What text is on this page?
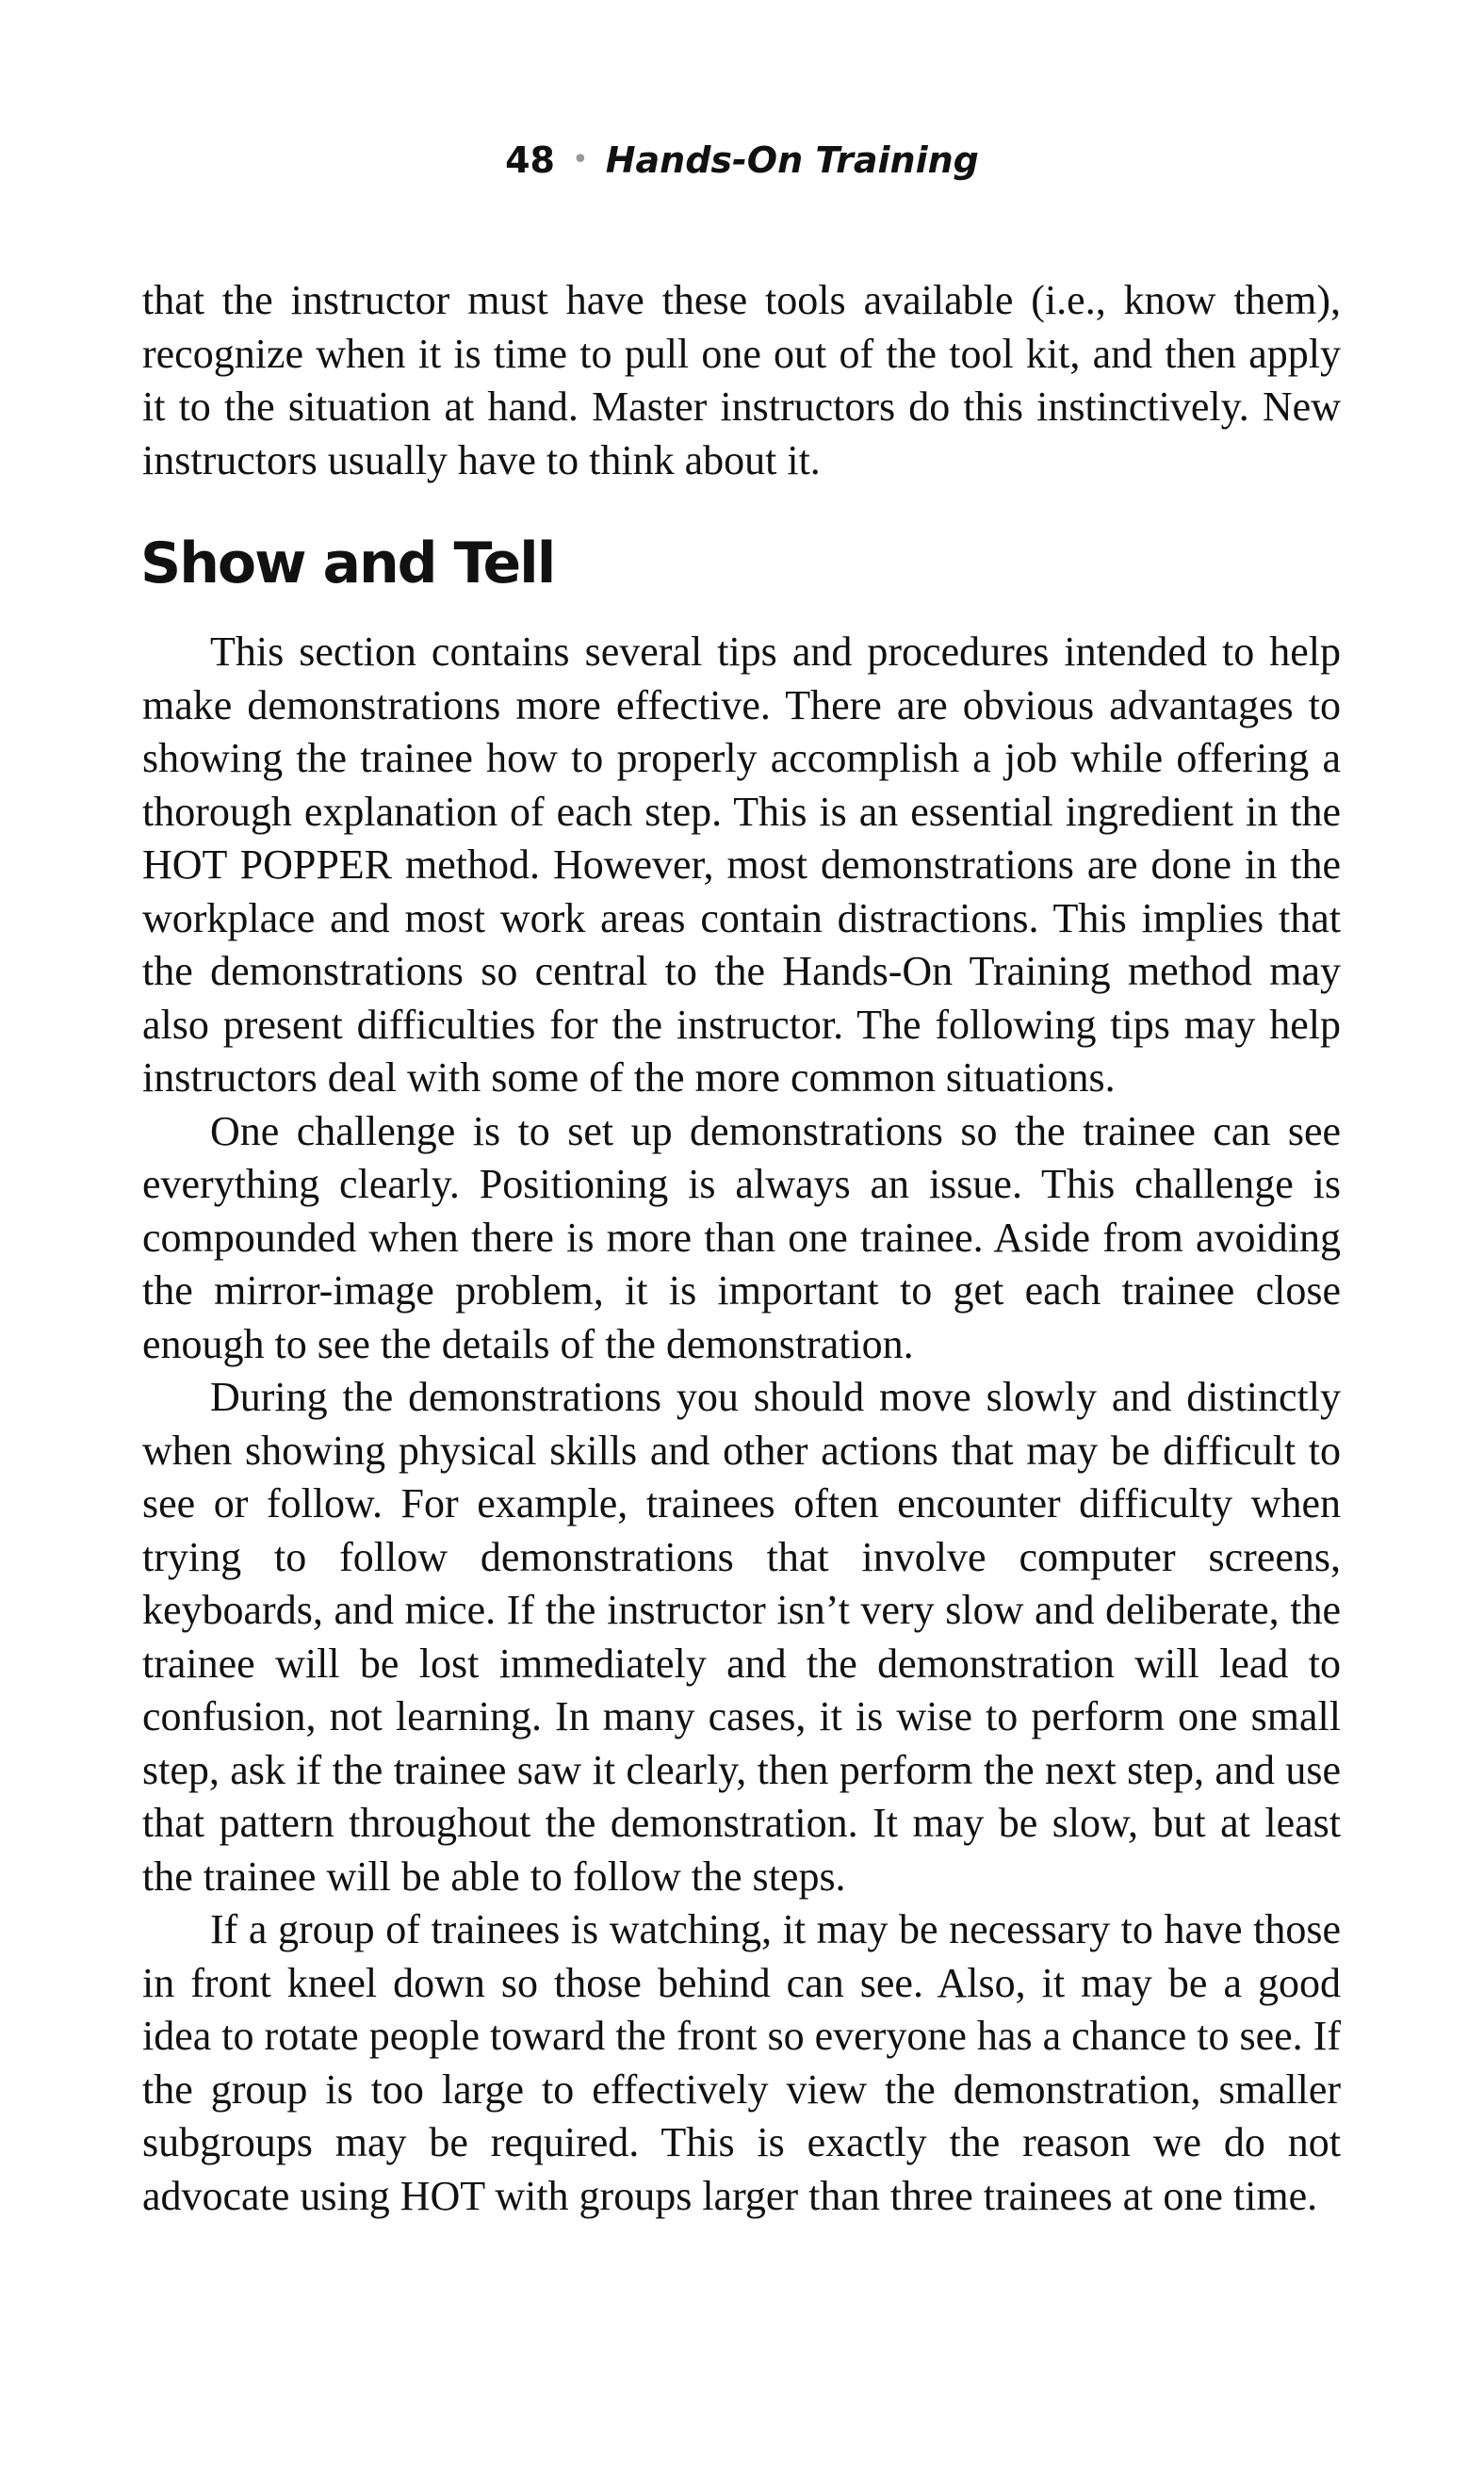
48 • Hands-On Training

that the instructor must have these tools available (i.e., know them), recognize when it is time to pull one out of the tool kit, and then apply it to the situation at hand. Master instructors do this instinctively. New instructors usually have to think about it.

Show and Tell

This section contains several tips and procedures intended to help make demonstrations more effective. There are obvious advantages to showing the trainee how to properly accomplish a job while offering a thorough explanation of each step. This is an essential ingredient in the HOT POPPER method. However, most demonstrations are done in the workplace and most work areas contain distractions. This implies that the demonstrations so central to the Hands-On Training method may also present difficulties for the instructor. The following tips may help instructors deal with some of the more common situations.

One challenge is to set up demonstrations so the trainee can see everything clearly. Positioning is always an issue. This challenge is compounded when there is more than one trainee. Aside from avoiding the mirror-image problem, it is important to get each trainee close enough to see the details of the demonstration.

During the demonstrations you should move slowly and distinctly when showing physical skills and other actions that may be difficult to see or follow. For example, trainees often encounter difficulty when trying to follow demonstrations that involve computer screens, keyboards, and mice. If the instructor isn’t very slow and deliberate, the trainee will be lost immediately and the demonstration will lead to confusion, not learning. In many cases, it is wise to perform one small step, ask if the trainee saw it clearly, then perform the next step, and use that pattern throughout the demonstration. It may be slow, but at least the trainee will be able to follow the steps.

If a group of trainees is watching, it may be necessary to have those in front kneel down so those behind can see. Also, it may be a good idea to rotate people toward the front so everyone has a chance to see. If the group is too large to effectively view the demonstration, smaller subgroups may be required. This is exactly the reason we do not advocate using HOT with groups larger than three trainees at one time.
